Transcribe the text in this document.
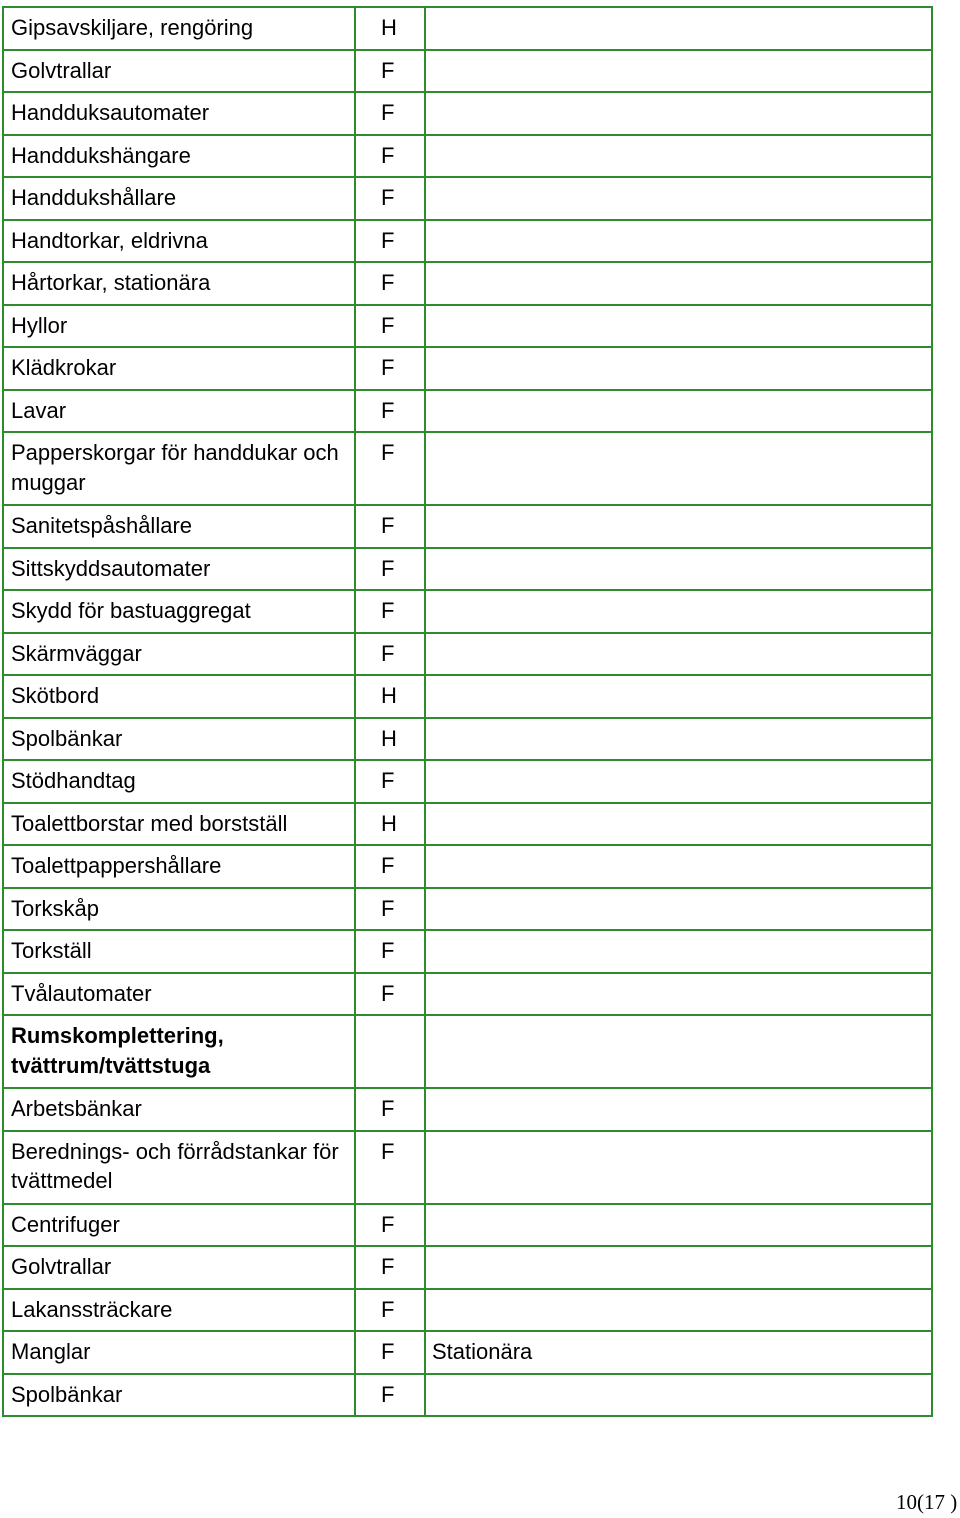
Gipsavskiljare, rengöring	H	
Golvtrallar	F	
Handduksautomater	F	
Handdukshängare	F	
Handdukshållare	F	
Handtorkar, eldrivna	F	
Hårtorkar, stationära	F	
Hyllor	F	
Klädkrokar	F	
Lavar	F	
Papperskorgar för handdukar och muggar	F	
Sanitetspåshållare	F	
Sittskyddsautomater	F	
Skydd för bastuaggregat	F	
Skärmväggar	F	
Skötbord	H	
Spolbänkar	H	
Stödhandtag	F	
Toalettborstar med borstställ	H	
Toalettpappershållare	F	
Torkskåp	F	
Torkställ	F	
Tvålautomater	F	
Rumskomplettering, tvättrum/tvättstuga		
Arbetsbänkar	F	
Berednings- och förrådstankar för tvättmedel	F	
Centrifuger	F	
Golvtrallar	F	
Lakanssträckare	F	
Manglar	F	Stationära
Spolbänkar	F	
10(17 )
